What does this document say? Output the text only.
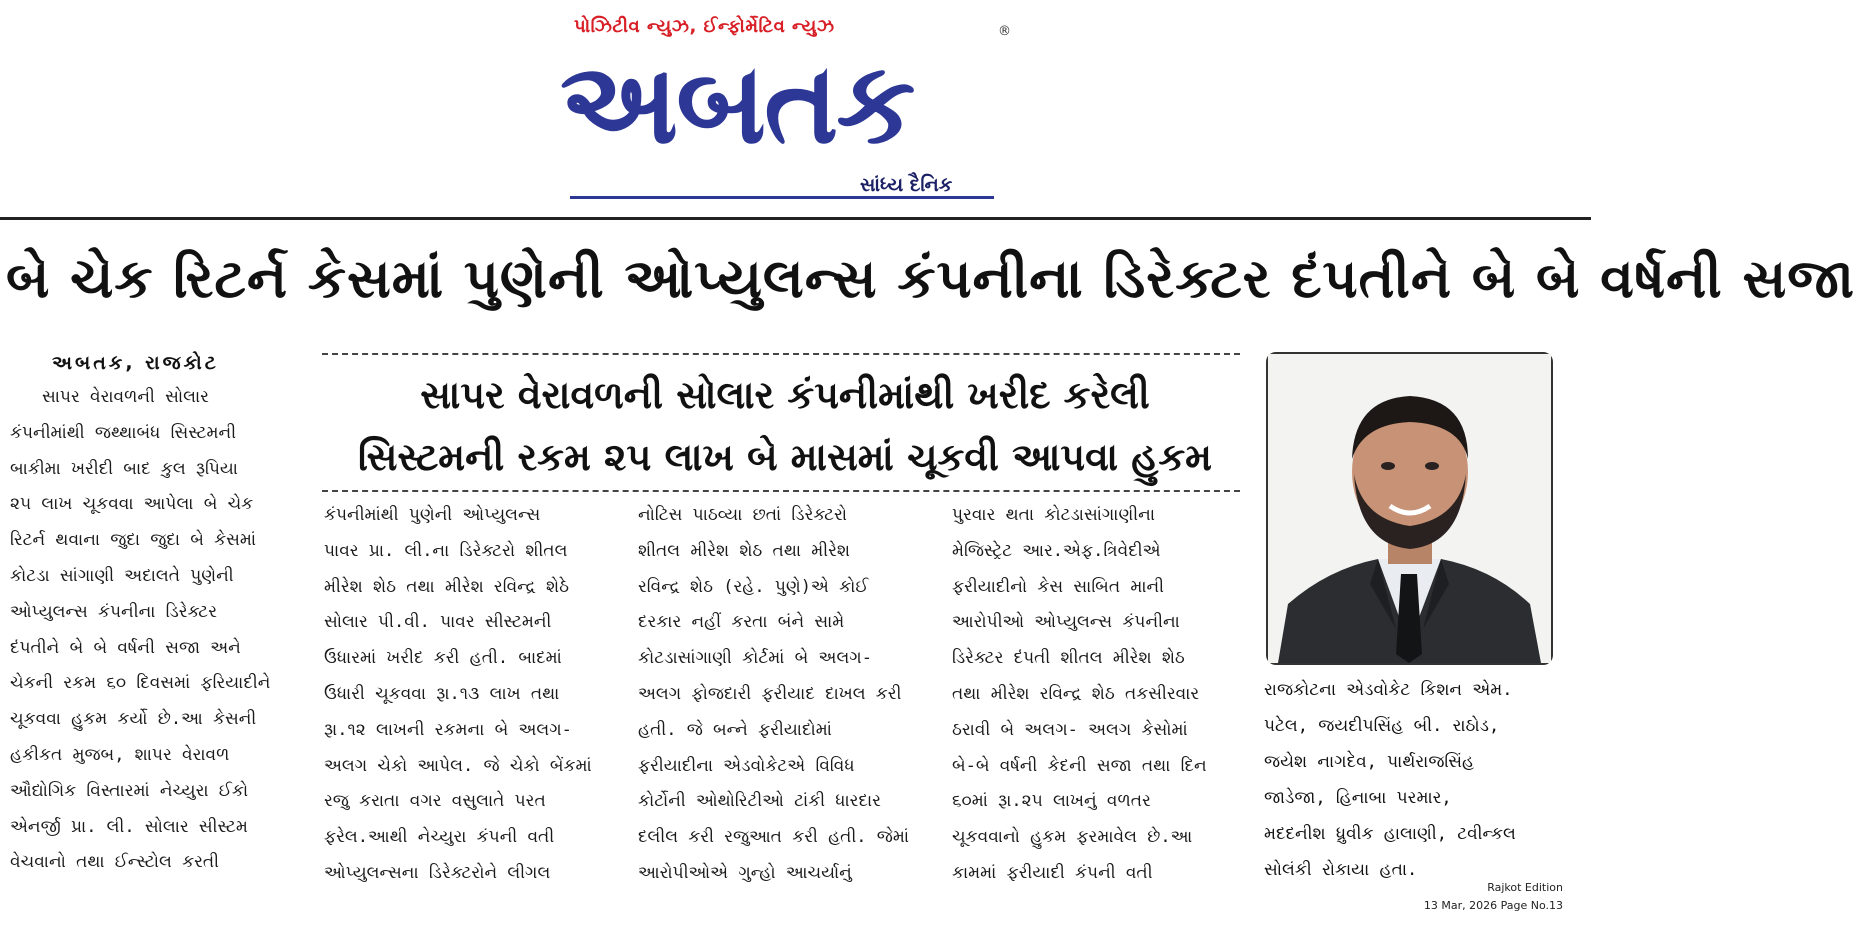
પોઝિટીવ ન્યુઝ, ઈન્ફોર્મેટિવ ન્યુઝ	®
અબતક
સાંધ્ય દૈનિક
બે ચેક રિટર્ન કેસમાં પુણેની ઓપ્યુલન્સ કંપનીના ડિરેક્ટર દંપતીને બે બે વર્ષની સજા
અબતક, રાજકોટ
સાપર વેરાવળની સોલાર કંપનીમાંથી ખરીદ કરેલી
સિસ્ટમની રકમ ૨૫ લાખ બે માસમાં ચૂકવી આપવા હુકમ
સાપર વેરાવળની સોલાર
કંપનીમાંથી જથ્થાબંધ સિસ્ટમની
બાકીમા ખરીદી બાદ કુલ રૂપિયા
૨૫ લાખ ચૂકવવા આપેલા બે ચેક
રિટર્ન થવાના જુદા જુદા બે કેસમાં
કોટડા સાંગાણી અદાલતે પુણેની
ઓપ્યુલન્સ કંપનીના ડિરેક્ટર
દંપતીને બે બે વર્ષની સજા અને
ચેકની રકમ ૬૦ દિવસમાં ફરિયાદીને
ચૂકવવા હુકમ કર્યો છે.આ કેસની
હકીકત મુજબ, શાપર વેરાવળ
ઔદ્યોગિક વિસ્તારમાં નેચ્યુરા ઈકો
એનર્જી પ્રા. લી. સોલાર સીસ્ટમ
વેચવાનો તથા ઈન્સ્ટોલ કરતી
કંપનીમાંથી પુણેની ઓપ્યુલન્સ
પાવર પ્રા. લી.ના ડિરેક્ટરો શીતલ
મીરેશ શેઠ તથા મીરેશ રવિન્દ્ર શેઠે
સોલાર પી.વી. પાવર સીસ્ટમની
ઉધારમાં ખરીદ કરી હતી. બાદમાં
ઉધારી ચૂકવવા રૂા.૧૩ લાખ તથા
રૂા.૧૨ લાખની રકમના બે અલગ-
અલગ ચેકો આપેલ. જે ચેકો બેંકમાં
રજુ કરાતા વગર વસુલાતે પરત
ફરેલ.આથી નેચ્યુરા કંપની વતી
ઓપ્યુલન્સના ડિરેક્ટરોને લીગલ
નોટિસ પાઠવ્યા છતાં ડિરેક્ટરો
શીતલ મીરેશ શેઠ તથા મીરેશ
રવિન્દ્ર શેઠ (રહે. પુણે)એ કોઈ
દરકાર નહીં કરતા બંને સામે
કોટડાસાંગાણી કોર્ટમાં બે અલગ-
અલગ ફોજદારી ફરીયાદ દાખલ કરી
હતી. જે બન્ને ફરીયાદોમાં
ફરીયાદીના એડવોકેટએ વિવિધ
કોર્ટોની ઓથોરિટીઓ ટાંકી ધારદાર
દલીલ કરી રજુઆત કરી હતી. જેમાં
આરોપીઓએ ગુન્હો આચર્યાનું
પુરવાર થતા કોટડાસાંગાણીના
મેજિસ્ટ્રેટ આર.એફ.ત્રિવેદીએ
ફરીયાદીનો કેસ સાબિત માની
આરોપીઓ ઓપ્યુલન્સ કંપનીના
ડિરેક્ટર દંપતી શીતલ મીરેશ શેઠ
તથા મીરેશ રવિન્દ્ર શેઠ તકસીરવાર
ઠરાવી બે અલગ- અલગ કેસોમાં
બે-બે વર્ષની કેદની સજા તથા દિન
૬૦માં રૂા.૨૫ લાખનું વળતર
ચૂકવવાનો હુકમ ફરમાવેલ છે.આ
કામમાં ફરીયાદી કંપની વતી
રાજકોટના એડવોકેટ કિશન એમ.
પટેલ, જયદીપસિંહ બી. રાઠોડ,
જયેશ નાગદેવ, પાર્થરાજસિંહ
જાડેજા, હિનાબા પરમાર,
મદદનીશ ધ્રુવીક હાલાણી, ટવીન્કલ
સોલંકી રોકાયા હતા.
Rajkot Edition
13 Mar, 2026 Page No.13
